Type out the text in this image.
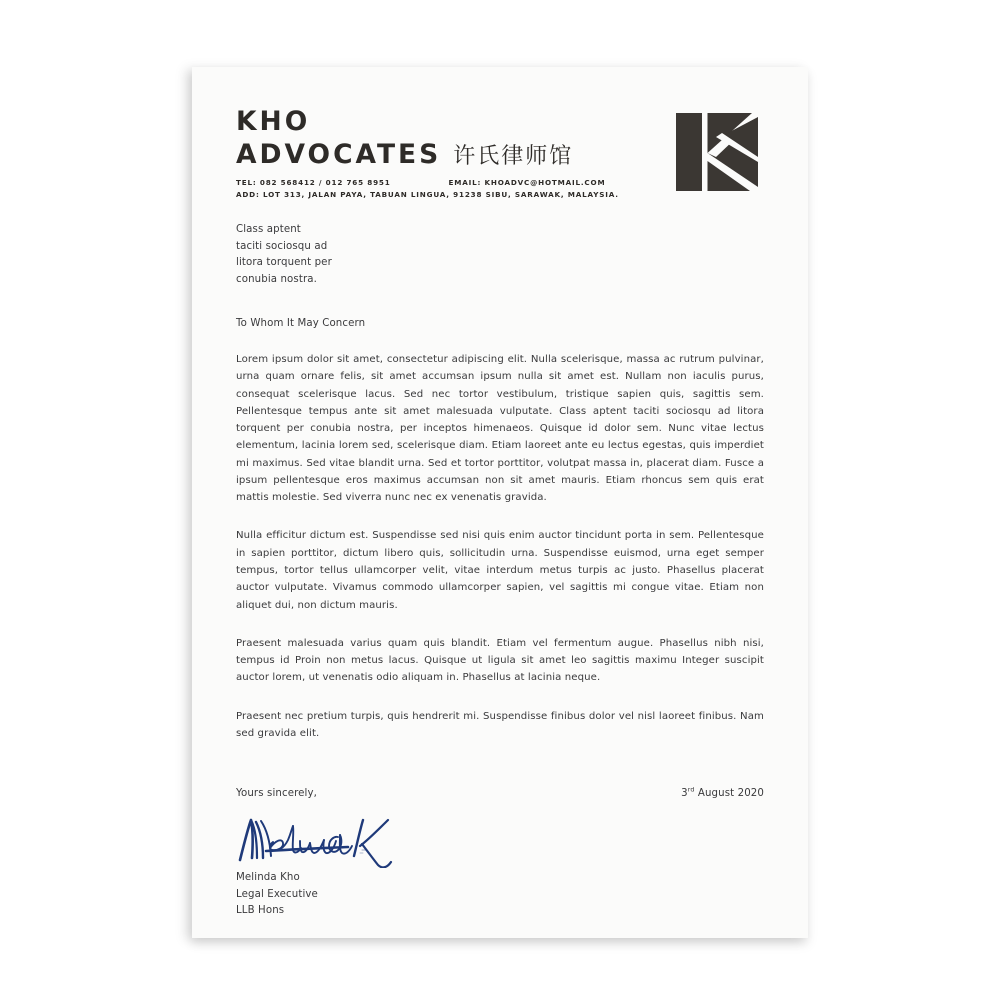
KHO
ADVOCATES 许氏律师馆
TEL: 082 568412 / 012 765 8951	EMAIL: KHOADVC@HOTMAIL.COM
ADD: LOT 313, JALAN PAYA, TABUAN LINGUA, 91238 SIBU, SARAWAK, MALAYSIA.
Class aptent
taciti sociosqu ad
litora torquent per
conubia nostra.
To Whom It May Concern

Lorem ipsum dolor sit amet, consectetur adipiscing elit. Nulla scelerisque, massa ac rutrum pulvinar, urna quam ornare felis, sit amet accumsan ipsum nulla sit amet est. Nullam non iaculis purus, consequat scelerisque lacus. Sed nec tortor vestibulum, tristique sapien quis, sagittis sem. Pellentesque tempus ante sit amet malesuada vulputate. Class aptent taciti sociosqu ad litora torquent per conubia nostra, per inceptos himenaeos. Quisque id dolor sem. Nunc vitae lectus elementum, lacinia lorem sed, scelerisque diam. Etiam laoreet ante eu lectus egestas, quis imperdiet mi maximus. Sed vitae blandit urna. Sed et tortor porttitor, volutpat massa in, placerat diam. Fusce a ipsum pellentesque eros maximus accumsan non sit amet mauris. Etiam rhoncus sem quis erat mattis molestie. Sed viverra nunc nec ex venenatis gravida.

Nulla efficitur dictum est. Suspendisse sed nisi quis enim auctor tincidunt porta in sem. Pellentesque in sapien porttitor, dictum libero quis, sollicitudin urna. Suspendisse euismod, urna eget semper tempus, tortor tellus ullamcorper velit, vitae interdum metus turpis ac justo. Phasellus placerat auctor vulputate. Vivamus commodo ullamcorper sapien, vel sagittis mi congue vitae. Etiam non aliquet dui, non dictum mauris.

Praesent malesuada varius quam quis blandit. Etiam vel fermentum augue. Phasellus nibh nisi, tempus id Proin non metus lacus. Quisque ut ligula sit amet leo sagittis maximu Integer suscipit auctor lorem, ut venenatis odio aliquam in. Phasellus at lacinia neque.

Praesent nec pretium turpis, quis hendrerit mi. Suspendisse finibus dolor vel nisl laoreet finibus. Nam sed gravida elit.

Yours sincerely,	3rd August 2020
Melinda Kho
Legal Executive
LLB Hons
